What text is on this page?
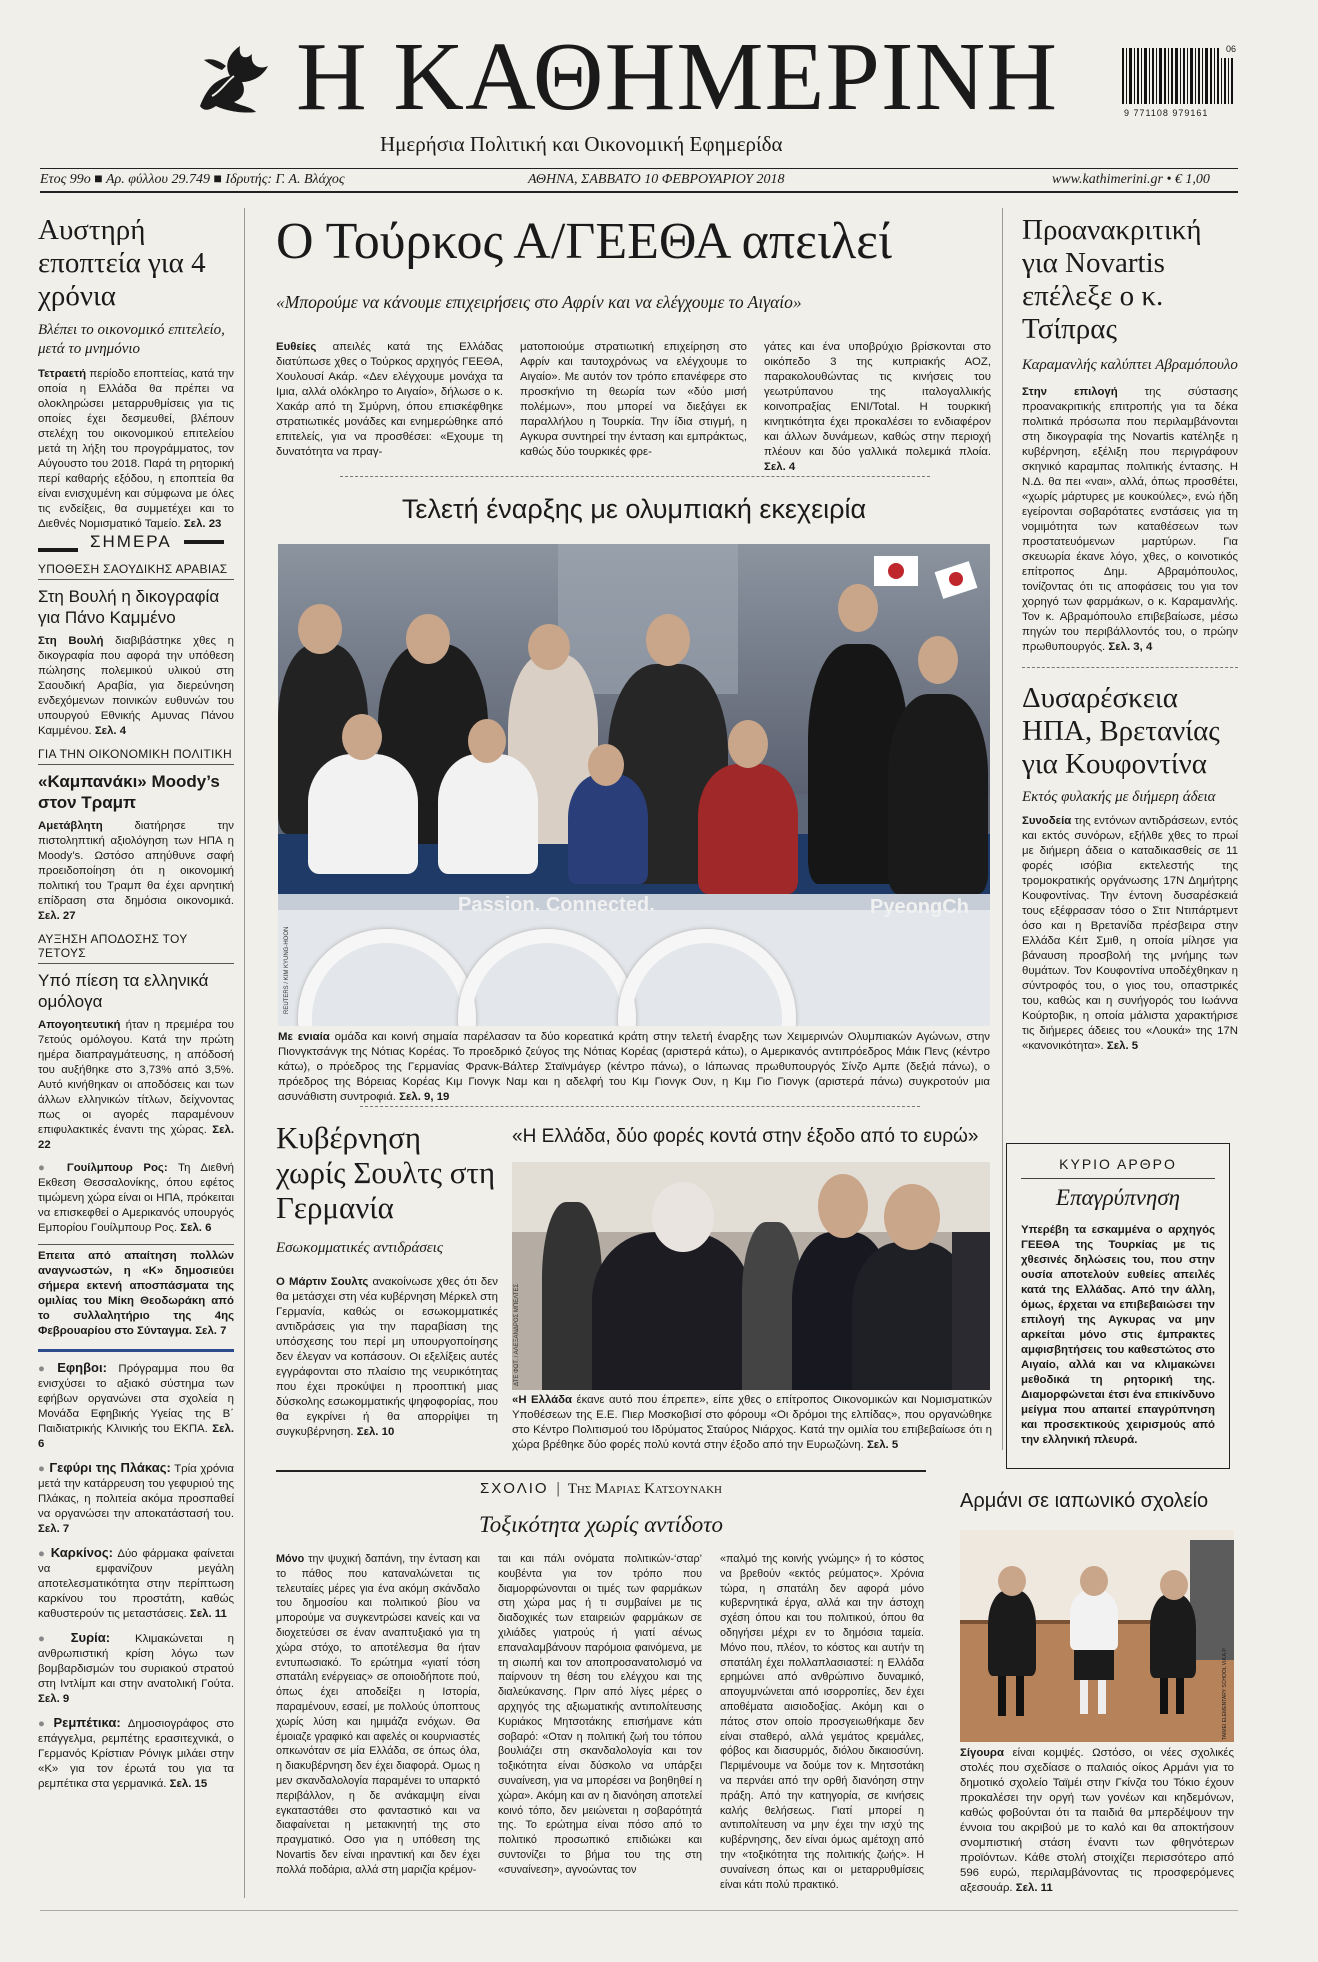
Η ΚΑΘΗΜΕΡΙΝΗ
Ημερήσια Πολιτική και Οικονομική Εφημερίδα
06
9 771108 979161
Ετος 99ο ■ Αρ. φύλλου 29.749 ■ Ιδρυτής: Γ. Α. Βλάχος	ΑΘΗΝΑ, ΣΑΒΒΑΤΟ 10 ΦΕΒΡΟΥΑΡΙΟΥ 2018	www.kathimerini.gr • € 1,00
Αυστηρή εποπτεία για 4 χρόνια
Βλέπει το οικονομικό επιτελείο, μετά το μνημόνιο
Τετραετή περίοδο εποπτείας, κατά την οποία η Ελλάδα θα πρέπει να ολοκληρώσει μεταρρυθμίσεις για τις οποίες έχει δεσμευθεί, βλέπουν στελέχη του οικονομικού επιτελείου μετά τη λήξη του προγράμματος, τον Αύγουστο του 2018. Παρά τη ρητορική περί καθαρής εξόδου, η εποπτεία θα είναι ενισχυμένη και σύμφωνα με όλες τις ενδείξεις, θα συμμετέχει και το Διεθνές Νομισματικό Ταμείο. Σελ. 23
ΣΗΜΕΡΑ
ΥΠΟΘΕΣΗ ΣΑΟΥΔΙΚΗΣ ΑΡΑΒΙΑΣ
Στη Βουλή η δικογραφία για Πάνο Καμμένο
Στη Βουλή διαβιβάστηκε χθες η δικογραφία που αφορά την υπόθεση πώλησης πολεμικού υλικού στη Σαουδική Αραβία, για διερεύνηση ενδεχόμενων ποινικών ευθυνών του υπουργού Εθνικής Αμυνας Πάνου Καμμένου. Σελ. 4
ΓΙΑ ΤΗΝ ΟΙΚΟΝΟΜΙΚΗ ΠΟΛΙΤΙΚΗ
«Καμπανάκι» Moody’s στον Τραμπ
Αμετάβλητη διατήρησε την πιστοληπτική αξιολόγηση των ΗΠΑ η Moody’s. Ωστόσο απηύθυνε σαφή προειδοποίηση ότι η οικονομική πολιτική του Τραμπ θα έχει αρνητική επίδραση στα δημόσια οικονομικά. Σελ. 27
ΑΥΞΗΣΗ ΑΠΟΔΟΣΗΣ ΤΟΥ 7ΕΤΟΥΣ
Υπό πίεση τα ελληνικά ομόλογα
Απογοητευτική ήταν η πρεμιέρα του 7ετούς ομόλογου. Κατά την πρώτη ημέρα διαπραγμάτευσης, η απόδοσή του αυξήθηκε στο 3,73% από 3,5%. Αυτό κινήθηκαν οι αποδόσεις και των άλλων ελληνικών τίτλων, δείχνοντας πως οι αγορές παραμένουν επιφυλακτικές έναντι της χώρας. Σελ. 22
● Γουίλμπουρ Ρος: Τη Διεθνή Εκθεση Θεσσαλονίκης, όπου εφέτος τιμώμενη χώρα είναι οι ΗΠΑ, πρόκειται να επισκεφθεί ο Αμερικανός υπουργός Εμπορίου Γουίλμπουρ Ρος. Σελ. 6
Επειτα από απαίτηση πολλών αναγνωστών, η «Κ» δημοσιεύει σήμερα εκτενή αποσπάσματα της ομιλίας του Μίκη Θεοδωράκη από το συλλαλητήριο της 4ης Φεβρουαρίου στο Σύνταγμα. Σελ. 7
● Εφηβοι: Πρόγραμμα που θα ενισχύσει το αξιακό σύστημα των εφήβων οργανώνει στα σχολεία η Μονάδα Εφηβικής Υγείας της Β΄ Παιδιατρικής Κλινικής του ΕΚΠΑ. Σελ. 6
● Γεφύρι της Πλάκας: Τρία χρόνια μετά την κατάρρευση του γεφυριού της Πλάκας, η πολιτεία ακόμα προσπαθεί να οργανώσει την αποκατάστασή του. Σελ. 7
● Καρκίνος: Δύο φάρμακα φαίνεται να εμφανίζουν μεγάλη αποτελεσματικότητα στην περίπτωση καρκίνου του προστάτη, καθώς καθυστερούν τις μεταστάσεις. Σελ. 11
● Συρία: Κλιμακώνεται η ανθρωπιστική κρίση λόγω των βομβαρδισμών του συριακού στρατού στη Ιντλίμπ και στην ανατολική Γούτα. Σελ. 9
● Ρεμπέτικα: Δημοσιογράφος στο επάγγελμα, ρεμπέτης ερασιτεχνικά, ο Γερμανός Κρίστιαν Ρόνιγκ μιλάει στην «Κ» για τον έρωτά του για τα ρεμπέτικα στα γερμανικά. Σελ. 15
Ο Τούρκος Α/ΓΕΕΘΑ απειλεί
«Μπορούμε να κάνουμε επιχειρήσεις στο Αφρίν και να ελέγχουμε το Αιγαίο»
Ευθείες απειλές κατά της Ελλάδας διατύπωσε χθες ο Τούρκος αρχηγός ΓΕΕΘΑ, Χουλουσί Ακάρ. «Δεν ελέγχουμε μονάχα τα Ιμια, αλλά ολόκληρο το Αιγαίο», δήλωσε ο κ. Χακάρ από τη Σμύρνη, όπου επισκέφθηκε στρατιωτικές μονάδες και ενημερώθηκε από επιτελείς, για να προσθέσει: «Εχουμε τη δυνατότητα να πραγ-
ματοποιούμε στρατιωτική επιχείρηση στο Αφρίν και ταυτοχρόνως να ελέγχουμε το Αιγαίο». Με αυτόν τον τρόπο επανέφερε στο προσκήνιο τη θεωρία των «δύο μισή πολέμων», που μπορεί να διεξάγει εκ παραλλήλου η Τουρκία. Την ίδια στιγμή, η Αγκυρα συντηρεί την ένταση και εμπράκτως, καθώς δύο τουρκικές φρε-
γάτες και ένα υποβρύχιο βρίσκονται στο οικόπεδο 3 της κυπριακής ΑΟΖ, παρακολουθώντας τις κινήσεις του γεωτρύπανου της ιταλογαλλικής κοινοπραξίας ENI/Total. Η τουρκική κινητικότητα έχει προκαλέσει το ενδιαφέρον και άλλων δυνάμεων, καθώς στην περιοχή πλέουν και δύο γαλλικά πολεμικά πλοία. Σελ. 4
Τελετή έναρξης με ολυμπιακή εκεχειρία
Passion. Connected.	PyeongCh
REUTERS / KIM KYUNG-HOON
Με ενιαία ομάδα και κοινή σημαία παρέλασαν τα δύο κορεατικά κράτη στην τελετή έναρξης των Χειμερινών Ολυμπιακών Αγώνων, στην Πιονγκτσάνγκ της Νότιας Κορέας. Το προεδρικό ζεύγος της Νότιας Κορέας (αριστερά κάτω), ο Αμερικανός αντιπρόεδρος Μάικ Πενς (κέντρο κάτω), ο πρόεδρος της Γερμανίας Φρανκ-Βάλτερ Σταϊνμάγερ (κέντρο πάνω), ο Ιάπωνας πρωθυπουργός Σίνζο Αμπε (δεξιά πάνω), ο πρόεδρος της Βόρειας Κορέας Κιμ Γιονγκ Ναμ και η αδελφή του Κιμ Γιονγκ Ουν, η Κιμ Γιο Γιονγκ (αριστερά πάνω) συγκροτούν μια ασυνάθιστη συντροφιά. Σελ. 9, 19
Κυβέρνηση χωρίς Σουλτς στη Γερμανία
Εσωκομματικές αντιδράσεις
Ο Μάρτιν Σουλτς ανακοίνωσε χθες ότι δεν θα μετάσχει στη νέα κυβέρνηση Μέρκελ στη Γερμανία, καθώς οι εσωκομματικές αντιδράσεις για την παραβίαση της υπόσχεσης του περί μη υπουργοποίησης δεν έλεγαν να κοπάσουν. Οι εξελίξεις αυτές εγγράφονται στο πλαίσιο της νευρικότητας που έχει προκύψει η προοπτική μιας δύσκολης εσωκομματικής ψηφοφορίας, που θα εγκρίνει ή θα απορρίψει τη συγκυβέρνηση. Σελ. 10
«Η Ελλάδα, δύο φορές κοντά στην έξοδο από το ευρώ»
ΔΤΕ ΦΩΤ. / ΑΛΕΞΑΝΔΡΟΣ ΜΠΕΛΤΕΣ
«Η Ελλάδα έκανε αυτό που έπρεπε», είπε χθες ο επίτροπος Οικονομικών και Νομισματικών Υποθέσεων της Ε.Ε. Πιερ Μοσκοβισί στο φόρουμ «Οι δρόμοι της ελπίδας», που οργανώθηκε στο Κέντρο Πολιτισμού του Ιδρύματος Σταύρος Νιάρχος. Κατά την ομιλία του επιβεβαίωσε ότι η χώρα βρέθηκε δύο φορές πολύ κοντά στην έξοδο από την Ευρωζώνη. Σελ. 5
Προανακριτική για Novartis επέλεξε ο κ. Τσίπρας
Καραμανλής καλύπτει Αβραμόπουλο
Στην επιλογή της σύστασης προανακριτικής επιτροπής για τα δέκα πολιτικά πρόσωπα που περιλαμβάνονται στη δικογραφία της Novartis κατέληξε η κυβέρνηση, εξέλιξη που περιγράφουν σκηνικό καραμπας πολιτικής έντασης. Η Ν.Δ. θα πει «ναι», αλλά, όπως προσθέτει, «χωρίς μάρτυρες με κουκούλες», ενώ ήδη εγείρονται σοβαρότατες ενστάσεις για τη νομιμότητα των καταθέσεων των προστατευόμενων μαρτύρων. Για σκευωρία έκανε λόγο, χθες, ο κοινοτικός επίτροπος Δημ. Αβραμόπουλος, τονίζοντας ότι τις αποφάσεις του για τον χορηγό των φαρμάκων, ο κ. Καραμανλής. Τον κ. Αβραμόπουλο επιβεβαίωσε, μέσω πηγών του περιβάλλοντός του, ο πρώην πρωθυπουργός. Σελ. 3, 4
Δυσαρέσκεια ΗΠΑ, Βρετανίας για Κουφοντίνα
Εκτός φυλακής με διήμερη άδεια
Συνοδεία της εντόνων αντιδράσεων, εντός και εκτός συνόρων, εξήλθε χθες το πρωί με διήμερη άδεια ο καταδικασθείς σε 11 φορές ισόβια εκτελεστής της τρομοκρατικής οργάνωσης 17Ν Δημήτρης Κουφοντίνας. Την έντονη δυσαρέσκειά τους εξέφρασαν τόσο ο Στιτ Ντιπάρτμεντ όσο και η Βρετανίδα πρέσβειρα στην Ελλάδα Κέιτ Σμιθ, η οποία μίλησε για βάναυση προσβολή της μνήμης των θυμάτων. Τον Κουφοντίνα υποδέχθηκαν η σύντροφός του, ο γιος του, οπαστρικές του, καθώς και η συνήγορός του Ιωάννα Κούρτοβικ, η οποία μάλιστα χαρακτήρισε τις διήμερες άδειες του «Λουκά» της 17Ν «κανονικότητα». Σελ. 5
ΚΥΡΙΟ ΑΡΘΡΟ
Επαγρύπνηση
Υπερέβη τα εσκαμμένα ο αρχηγός ΓΕΕΘΑ της Τουρκίας με τις χθεσινές δηλώσεις του, που στην ουσία αποτελούν ευθείες απειλές κατά της Ελλάδας. Από την άλλη, όμως, έρχεται να επιβεβαιώσει την επιλογή της Αγκυρας να μην αρκείται μόνο στις έμπρακτες αμφισβητήσεις του καθεστώτος στο Αιγαίο, αλλά και να κλιμακώνει μεθοδικά τη ρητορική της. Διαμορφώνεται έτσι ένα επικίνδυνο μείγμα που απαιτεί επαγρύπνηση και προσεκτικούς χειρισμούς από την ελληνική πλευρά.
Αρμάνι σε ιαπωνικό σχολείο
TAIMEI ELEMENTARY SCHOOL VIA A.P.
Σίγουρα είναι κομψές. Ωστόσο, οι νέες σχολικές στολές που σχεδίασε ο παλαιός οίκος Αρμάνι για το δημοτικό σχολείο Ταϊμέι στην Γκίνζα του Τόκιο έχουν προκαλέσει την οργή των γονέων και κηδεμόνων, καθώς φοβούνται ότι τα παιδιά θα μπερδέψουν την έννοια του ακριβού με το καλό και θα αποκτήσουν σνομπιστική στάση έναντι των φθηνότερων προϊόντων. Κάθε στολή στοιχίζει περισσότερο από 596 ευρώ, περιλαμβάνοντας τις προσφερόμενες αξεσουάρ. Σελ. 11
ΣΧΟΛΙΟ | Της Μαριας Κατσουνακη
Τοξικότητα χωρίς αντίδοτο
Μόνο την ψυχική δαπάνη, την ένταση και το πάθος που καταναλώνεται τις τελευταίες μέρες για ένα ακόμη σκάνδαλο του δημοσίου και πολιτικού βίου να μπορούμε να συγκεντρώσει κανείς και να διοχετεύσει σε έναν αναπτυξιακό για τη χώρα στόχο, το αποτέλεσμα θα ήταν εντυπωσιακό. Το ερώτημα «γιατί τόση σπατάλη ενέργειας» σε οποιοδήποτε πού, όπως έχει αποδείξει η Ιστορία, παραμένουν, εσαεί, με πολλούς ύποπτους χωρίς λύση και ημιμάζα ενόχων. Θα έμοιαζε γραφικό και αφελές οι κουρνιαστές οπκωνόταν σε μία Ελλάδα, σε όπως όλα, η διακυβέρνηση δεν έχει διαφορά. Ομως η μεν σκανδαλολογία παραμένει το υπαρκτό περιβάλλον, η δε ανάκαμψη είναι εγκαταστάθει στο φανταστικό και να διαφαίνεται η μετακινητή της στο πραγματικό. Οσο για η υπόθεση της Novartis δεν είναι ιηραντική και δεν έχει πολλά ποδάρια, αλλά στη μαριζία κρέμον-
ται και πάλι ονόματα πολιτικών-‘σταρ’ κουβέντα για τον τρόπο που διαμορφώνονται οι τιμές των φαρμάκων στη χώρα μας ή τι συμβαίνει με τις διαδοχικές των εταιρειών φαρμάκων σε χιλιάδες γιατρούς ή γιατί αένως επαναλαμβάνουν παρόμοια φαινόμενα, με τη σιωπή και τον αποπροσανατολισμό να παίρνουν τη θέση του ελέγχου και της διαλεύκανσης. Πριν από λίγες μέρες ο αρχηγός της αξιωματικής αντιπολίτευσης Κυριάκος Μητσοτάκης επισήμανε κάτι σοβαρό: «Οταν η πολιτική ζωή του τόπου βουλιάζει στη σκανδαλολογία και τον τοξικότητα είναι δύσκολο να υπάρξει συναίνεση, για να μπορέσει να βοηθηθεί η χώρα». Ακόμη και αν η διανόηση αποτελεί κοινό τόπο, δεν μειώνεται η σοβαρότητά της. Το ερώτημα είναι πόσο από το πολιτικό προσωπικό επιδιώκει και συντονίζει το βήμα του της στη «συναίνεση», αγνοώντας τον
«παλμό της κοινής γνώμης» ή το κόστος να βρεθούν «εκτός ρεύματος». Χρόνια τώρα, η σπατάλη δεν αφορά μόνο κυβερνητικά έργα, αλλά και την άστοχη σχέση όπου και του πολιτικού, όπου θα οδηγήσει μέχρι εν το δημόσια ταμεία. Μόνο που, πλέον, το κόστος και αυτήν τη σπατάλη έχει πολλαπλασιαστεί: η Ελλάδα ερημώνει από ανθρώπινο δυναμικό, απογυμνώνεται από ισορροπίες, δεν έχει αποθέματα αισιοδοξίας. Ακόμη και ο πάτος στον οποίο προσγειωθήκαμε δεν είναι σταθερό, αλλά γεμάτος κρεμάλες, φόβος και διασυρμός, διόλου δικαιοσύνη. Περιμένουμε να δούμε τον κ. Μητσοτάκη να περνάει από την ορθή διανόηση στην πράξη. Από την κατηγορία, σε κινήσεις καλής θελήσεως. Γιατί μπορεί η αντιπολίτευση να μην έχει την ισχύ της κυβέρνησης, δεν είναι όμως αμέτοχη από την «τοξικότητα της πολιτικής ζωής». Η συναίνεση όπως και οι μεταρρυθμίσεις είναι κάτι πολύ πρακτικό.
